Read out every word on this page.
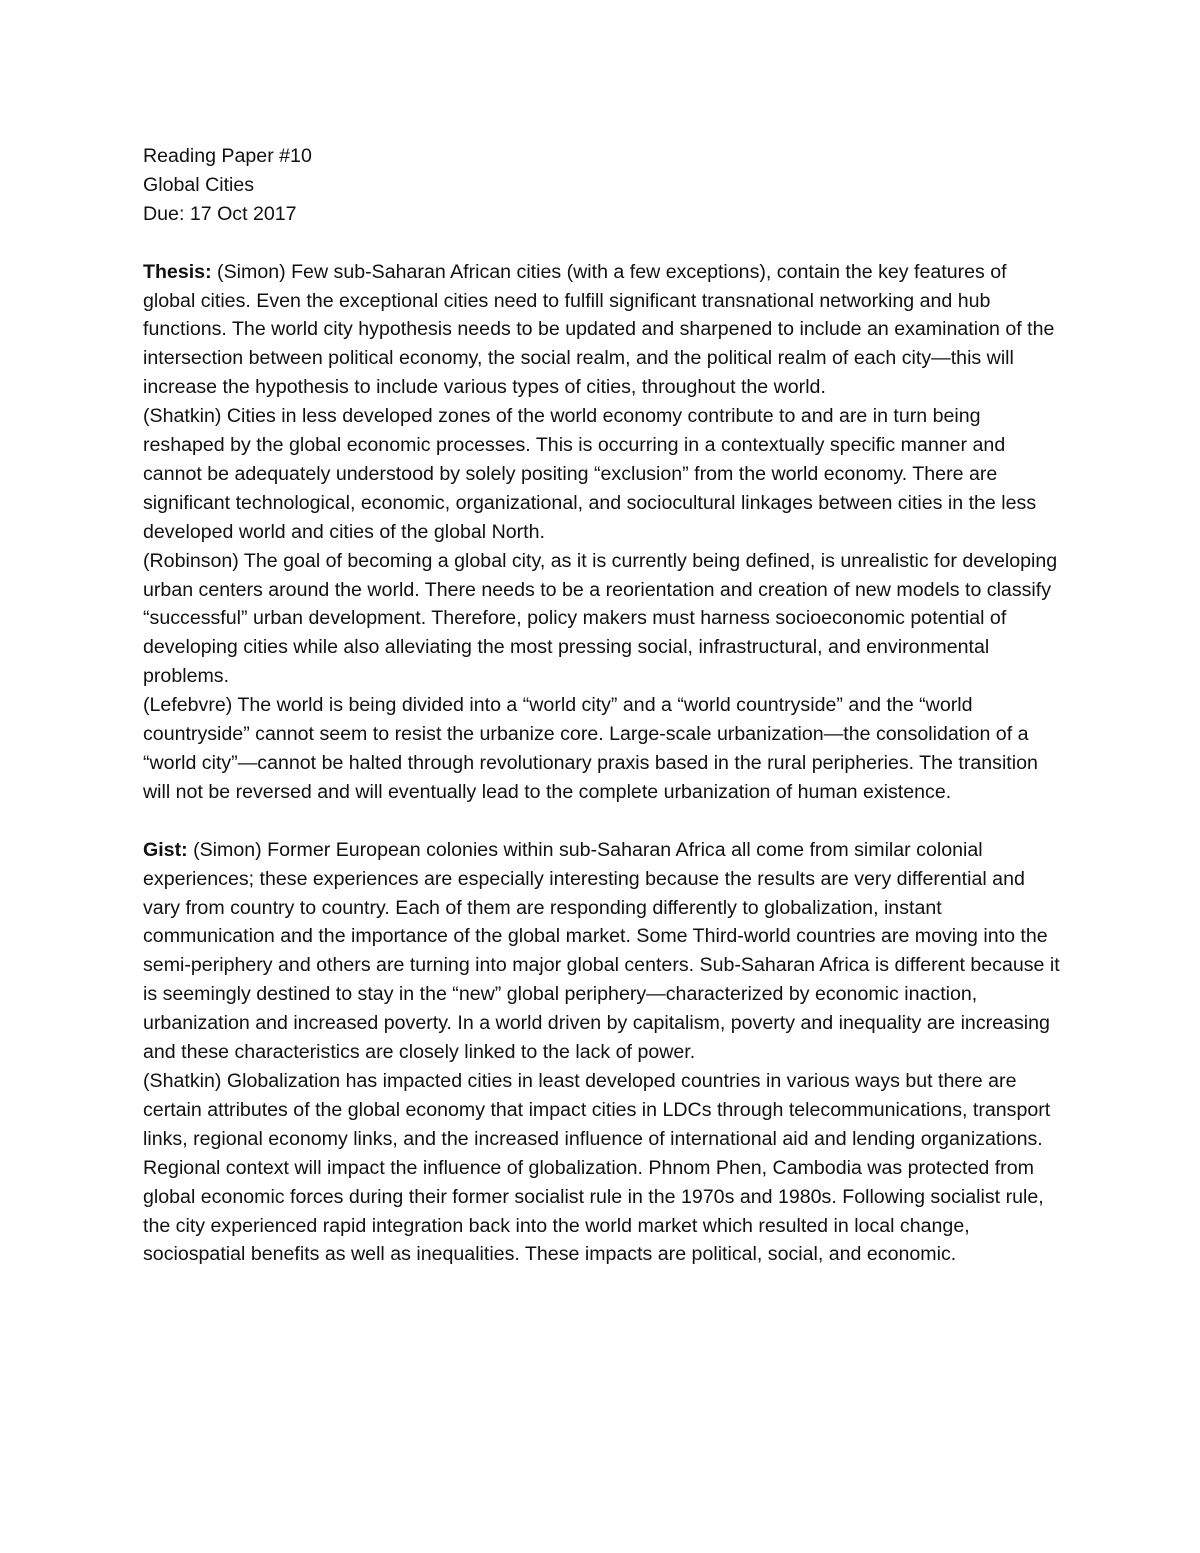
Reading Paper #10

Global Cities

Due: 17 Oct 2017

Thesis: (Simon) Few sub-Saharan African cities (with a few exceptions), contain the key features of global cities. Even the exceptional cities need to fulfill significant transnational networking and hub functions. The world city hypothesis needs to be updated and sharpened to include an examination of the intersection between political economy, the social realm, and the political realm of each city—this will increase the hypothesis to include various types of cities, throughout the world.

(Shatkin) Cities in less developed zones of the world economy contribute to and are in turn being reshaped by the global economic processes. This is occurring in a contextually specific manner and cannot be adequately understood by solely positing “exclusion” from the world economy. There are significant technological, economic, organizational, and sociocultural linkages between cities in the less developed world and cities of the global North.

(Robinson) The goal of becoming a global city, as it is currently being defined, is unrealistic for developing urban centers around the world. There needs to be a reorientation and creation of new models to classify “successful” urban development. Therefore, policy makers must harness socioeconomic potential of developing cities while also alleviating the most pressing social, infrastructural, and environmental problems.

(Lefebvre) The world is being divided into a “world city” and a “world countryside” and the “world countryside” cannot seem to resist the urbanize core. Large-scale urbanization—the consolidation of a “world city”—cannot be halted through revolutionary praxis based in the rural peripheries. The transition will not be reversed and will eventually lead to the complete urbanization of human existence.

Gist: (Simon) Former European colonies within sub-Saharan Africa all come from similar colonial experiences; these experiences are especially interesting because the results are very differential and vary from country to country. Each of them are responding differently to globalization, instant communication and the importance of the global market. Some Third-world countries are moving into the semi-periphery and others are turning into major global centers. Sub-Saharan Africa is different because it is seemingly destined to stay in the “new” global periphery—characterized by economic inaction, urbanization and increased poverty. In a world driven by capitalism, poverty and inequality are increasing and these characteristics are closely linked to the lack of power.

(Shatkin) Globalization has impacted cities in least developed countries in various ways but there are certain attributes of the global economy that impact cities in LDCs through telecommunications, transport links, regional economy links, and the increased influence of international aid and lending organizations. Regional context will impact the influence of globalization. Phnom Phen, Cambodia was protected from global economic forces during their former socialist rule in the 1970s and 1980s. Following socialist rule, the city experienced rapid integration back into the world market which resulted in local change, sociospatial benefits as well as inequalities. These impacts are political, social, and economic.
